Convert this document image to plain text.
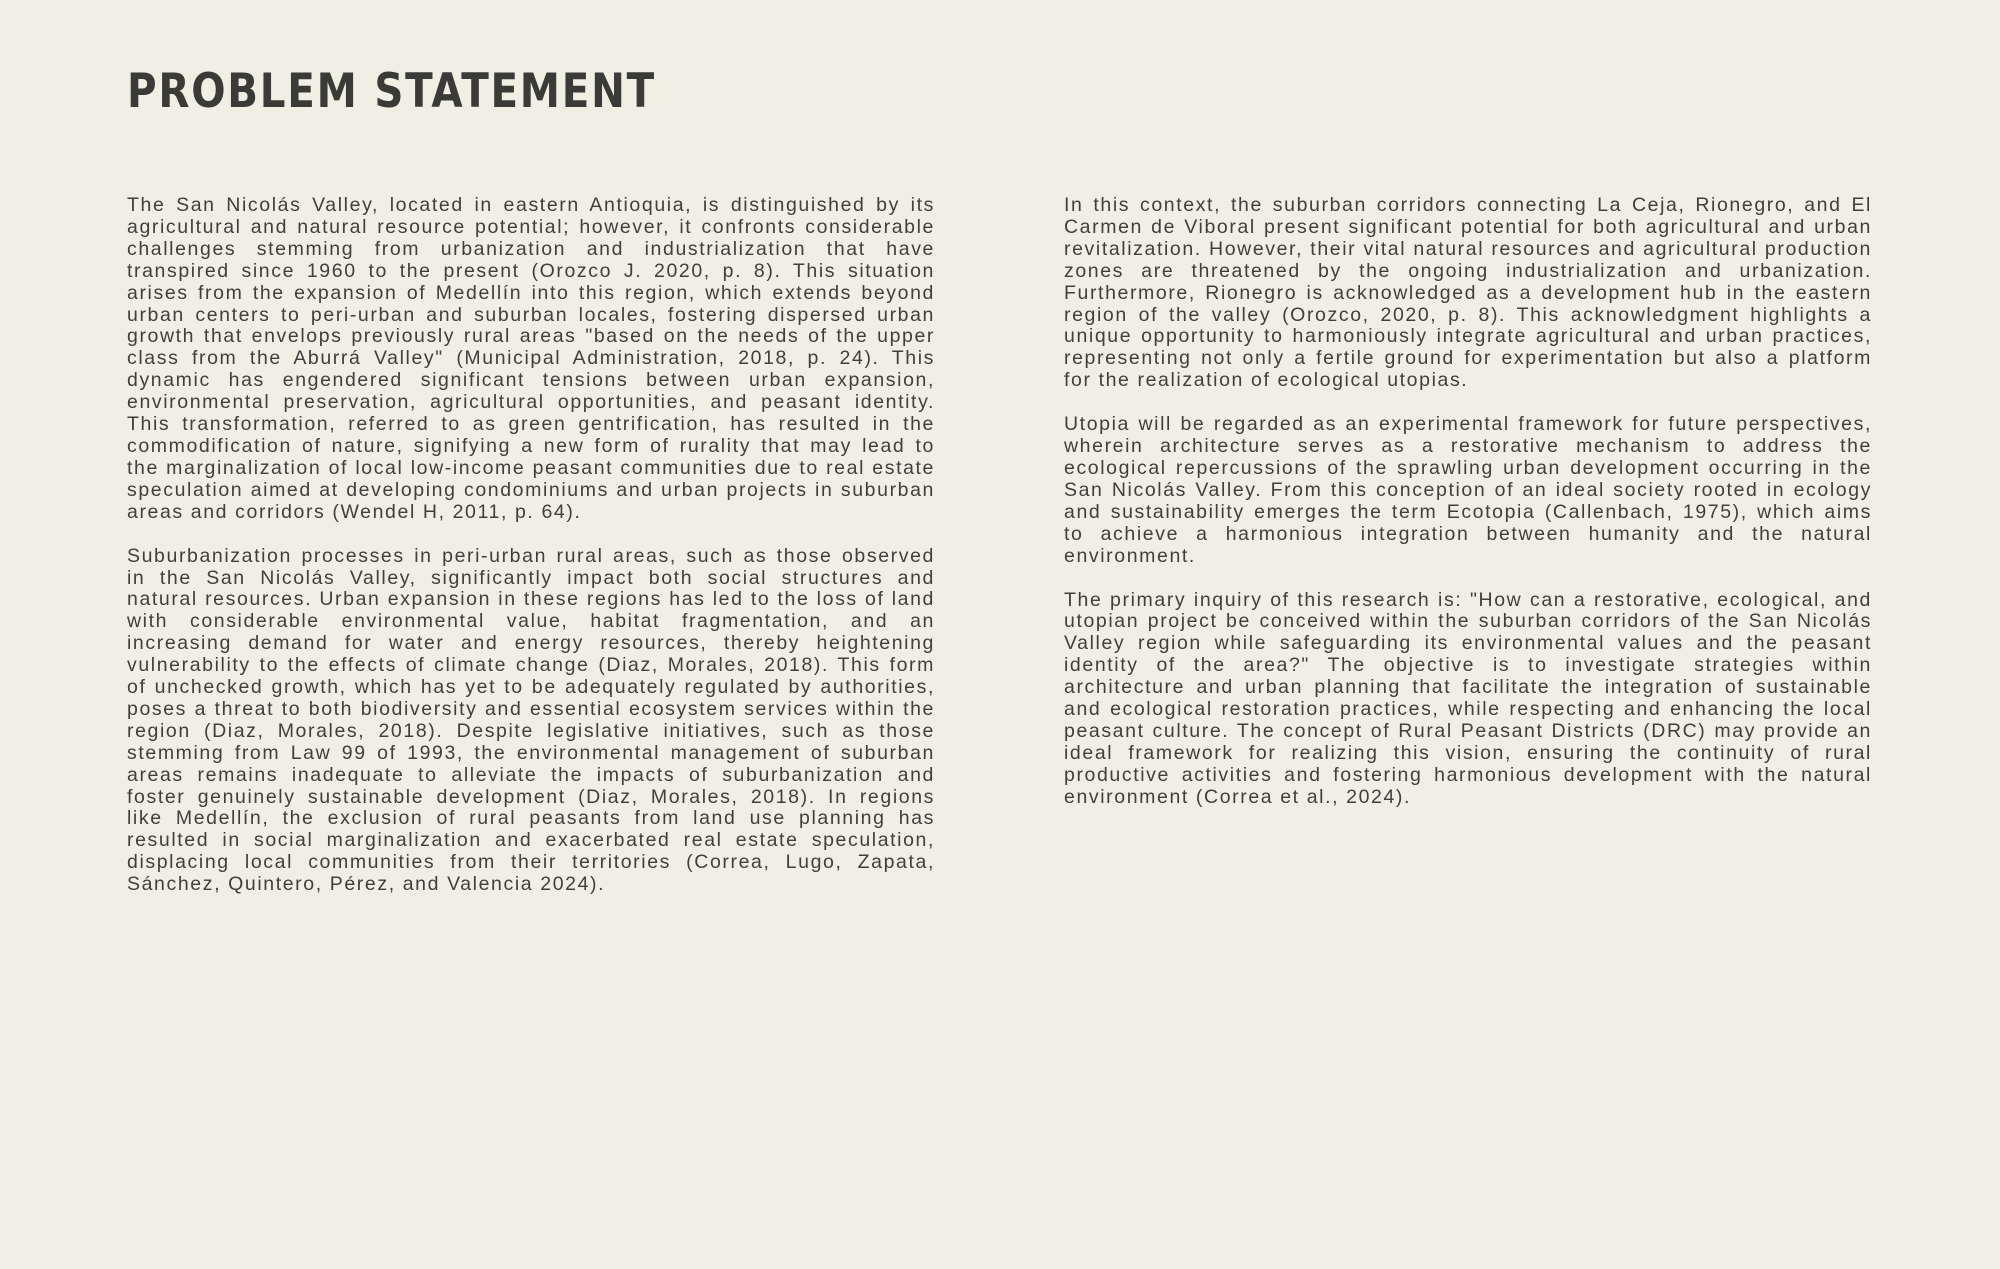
PROBLEM STATEMENT

The San Nicolás Valley, located in eastern Antioquia, is distinguished by its agricultural and natural resource potential; however, it confronts considerable challenges stemming from urbanization and industrialization that have transpired since 1960 to the present (Orozco J. 2020, p. 8). This situation arises from the expansion of Medellín into this region, which extends beyond urban centers to peri-urban and suburban locales, fostering dispersed urban growth that envelops previously rural areas "based on the needs of the upper class from the Aburrá Valley" (Municipal Administration, 2018, p. 24). This dynamic has engendered significant tensions between urban expansion, environmental preservation, agricultural opportunities, and peasant identity. This transformation, referred to as green gentrification, has resulted in the commodification of nature, signifying a new form of rurality that may lead to the marginalization of local low-income peasant communities due to real estate speculation aimed at developing condominiums and urban projects in suburban areas and corridors (Wendel H, 2011, p. 64).

Suburbanization processes in peri-urban rural areas, such as those observed in the San Nicolás Valley, significantly impact both social structures and natural resources. Urban expansion in these regions has led to the loss of land with considerable environmental value, habitat fragmentation, and an increasing demand for water and energy resources, thereby heightening vulnerability to the effects of climate change (Diaz, Morales, 2018). This form of unchecked growth, which has yet to be adequately regulated by authorities, poses a threat to both biodiversity and essential ecosystem services within the region (Diaz, Morales, 2018). Despite legislative initiatives, such as those stemming from Law 99 of 1993, the environmental management of suburban areas remains inadequate to alleviate the impacts of suburbanization and foster genuinely sustainable development (Diaz, Morales, 2018). In regions like Medellín, the exclusion of rural peasants from land use planning has resulted in social marginalization and exacerbated real estate speculation, displacing local communities from their territories (Correa, Lugo, Zapata, Sánchez, Quintero, Pérez, and Valencia 2024).

In this context, the suburban corridors connecting La Ceja, Rionegro, and El Carmen de Viboral present significant potential for both agricultural and urban revitalization. However, their vital natural resources and agricultural production zones are threatened by the ongoing industrialization and urbanization. Furthermore, Rionegro is acknowledged as a development hub in the eastern region of the valley (Orozco, 2020, p. 8). This acknowledgment highlights a unique opportunity to harmoniously integrate agricultural and urban practices, representing not only a fertile ground for experimentation but also a platform for the realization of ecological utopias.

Utopia will be regarded as an experimental framework for future perspectives, wherein architecture serves as a restorative mechanism to address the ecological repercussions of the sprawling urban development occurring in the San Nicolás Valley. From this conception of an ideal society rooted in ecology and sustainability emerges the term Ecotopia (Callenbach, 1975), which aims to achieve a harmonious integration between humanity and the natural environment.

The primary inquiry of this research is: "How can a restorative, ecological, and utopian project be conceived within the suburban corridors of the San Nicolás Valley region while safeguarding its environmental values and the peasant identity of the area?" The objective is to investigate strategies within architecture and urban planning that facilitate the integration of sustainable and ecological restoration practices, while respecting and enhancing the local peasant culture. The concept of Rural Peasant Districts (DRC) may provide an ideal framework for realizing this vision, ensuring the continuity of rural productive activities and fostering harmonious development with the natural environment (Correa et al., 2024).
